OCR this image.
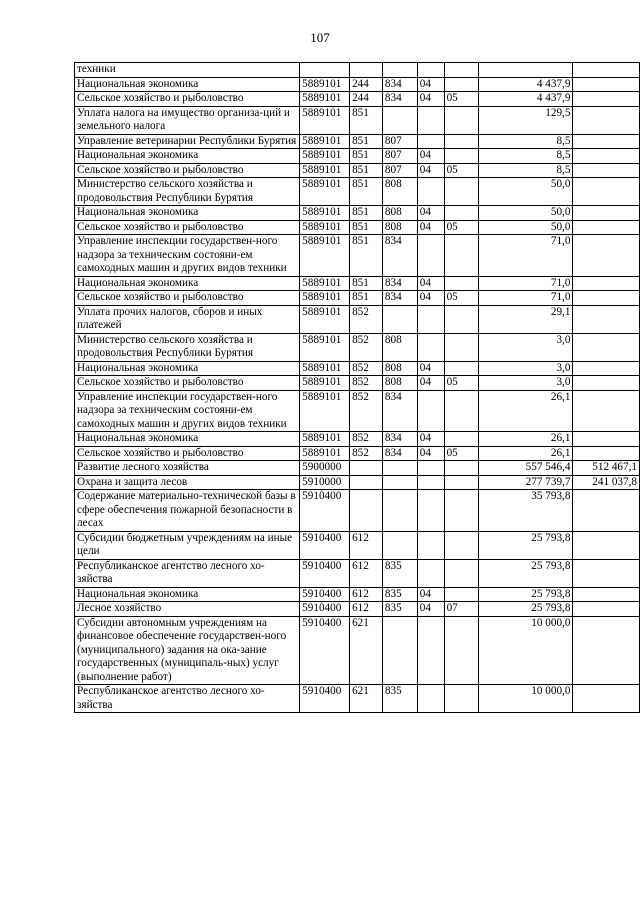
107
техники							
Национальная экономика	5889101	244	834	04		4 437,9	
Сельское хозяйство и рыболовство	5889101	244	834	04	05	4 437,9	
Уплата налога на имущество организа-ций и земельного налога	5889101	851				129,5	
Управление ветеринарии Республики Бурятия	5889101	851	807			8,5	
Национальная экономика	5889101	851	807	04		8,5	
Сельское хозяйство и рыболовство	5889101	851	807	04	05	8,5	
Министерство сельского хозяйства и продовольствия Республики Бурятия	5889101	851	808			50,0	
Национальная экономика	5889101	851	808	04		50,0	
Сельское хозяйство и рыболовство	5889101	851	808	04	05	50,0	
Управление инспекции государствен-ного надзора за техническим состояни-ем самоходных машин и других видов техники	5889101	851	834			71,0	
Национальная экономика	5889101	851	834	04		71,0	
Сельское хозяйство и рыболовство	5889101	851	834	04	05	71,0	
Уплата прочих налогов, сборов и иных платежей	5889101	852				29,1	
Министерство сельского хозяйства и продовольствия Республики Бурятия	5889101	852	808			3,0	
Национальная экономика	5889101	852	808	04		3,0	
Сельское хозяйство и рыболовство	5889101	852	808	04	05	3,0	
Управление инспекции государствен-ного надзора за техническим состояни-ем самоходных машин и других видов техники	5889101	852	834			26,1	
Национальная экономика	5889101	852	834	04		26,1	
Сельское хозяйство и рыболовство	5889101	852	834	04	05	26,1	
Развитие лесного хозяйства	5900000					557 546,4	512 467,1
Охрана и защита лесов	5910000					277 739,7	241 037,8
Содержание материально-технической базы в сфере обеспечения пожарной безопасности в лесах	5910400					35 793,8	
Субсидии бюджетным учреждениям на иные цели	5910400	612				25 793,8	
Республиканское агентство лесного хо-зяйства	5910400	612	835			25 793,8	
Национальная экономика	5910400	612	835	04		25 793,8	
Лесное хозяйство	5910400	612	835	04	07	25 793,8	
Субсидии автономным учреждениям на финансовое обеспечение государствен-ного (муниципального) задания на ока-зание государственных (муниципаль-ных) услуг (выполнение работ)	5910400	621				10 000,0	
Республиканское агентство лесного хо-зяйства	5910400	621	835			10 000,0	
